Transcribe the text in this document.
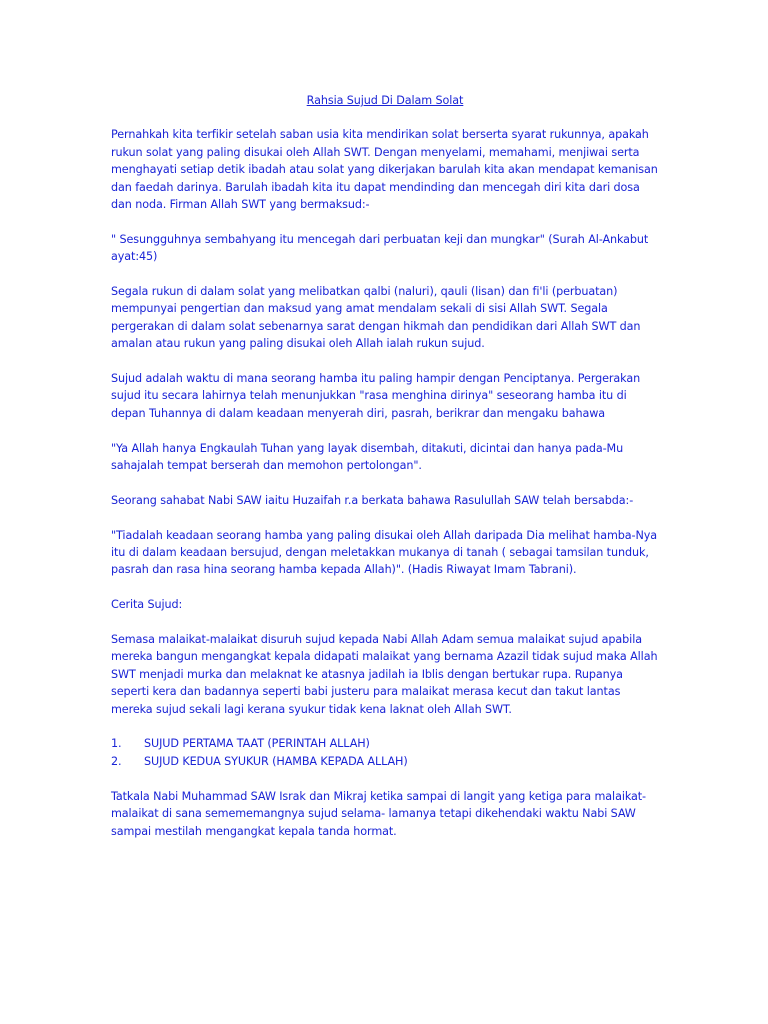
Rahsia Sujud Di Dalam Solat

Pernahkah kita terfikir setelah saban usia kita mendirikan solat berserta syarat rukunnya, apakah rukun solat yang paling disukai oleh Allah SWT. Dengan menyelami, memahami, menjiwai serta menghayati setiap detik ibadah atau solat yang dikerjakan barulah kita akan mendapat kemanisan dan faedah darinya. Barulah ibadah kita itu dapat mendinding dan mencegah diri kita dari dosa dan noda. Firman Allah SWT yang bermaksud:-

" Sesungguhnya sembahyang itu mencegah dari perbuatan keji dan mungkar" (Surah Al-Ankabut ayat:45)

Segala rukun di dalam solat yang melibatkan qalbi (naluri), qauli (lisan) dan fi'li (perbuatan) mempunyai pengertian dan maksud yang amat mendalam sekali di sisi Allah SWT. Segala pergerakan di dalam solat sebenarnya sarat dengan hikmah dan pendidikan dari Allah SWT dan amalan atau rukun yang paling disukai oleh Allah ialah rukun sujud.

Sujud adalah waktu di mana seorang hamba itu paling hampir dengan Penciptanya. Pergerakan sujud itu secara lahirnya telah menunjukkan "rasa menghina dirinya" seseorang hamba itu di depan Tuhannya di dalam keadaan menyerah diri, pasrah, berikrar dan mengaku bahawa

"Ya Allah hanya Engkaulah Tuhan yang layak disembah, ditakuti, dicintai dan hanya pada-Mu sahajalah tempat berserah dan memohon pertolongan".

Seorang sahabat Nabi SAW iaitu Huzaifah r.a berkata bahawa Rasulullah SAW telah bersabda:-

"Tiadalah keadaan seorang hamba yang paling disukai oleh Allah daripada Dia melihat hamba-Nya itu di dalam keadaan bersujud, dengan meletakkan mukanya di tanah ( sebagai tamsilan tunduk, pasrah dan rasa hina seorang hamba kepada Allah)". (Hadis Riwayat Imam Tabrani).

Cerita Sujud:

Semasa malaikat-malaikat disuruh sujud kepada Nabi Allah Adam semua malaikat sujud apabila mereka bangun mengangkat kepala didapati malaikat yang bernama Azazil tidak sujud maka Allah SWT menjadi murka dan melaknat ke atasnya jadilah ia Iblis dengan bertukar rupa. Rupanya seperti kera dan badannya seperti babi justeru para malaikat merasa kecut dan takut lantas mereka sujud sekali lagi kerana syukur tidak kena laknat oleh Allah SWT.

1.	SUJUD PERTAMA TAAT (PERINTAH ALLAH)
2.	SUJUD KEDUA SYUKUR (HAMBA KEPADA ALLAH)

Tatkala Nabi Muhammad SAW Israk dan Mikraj ketika sampai di langit yang ketiga para malaikat-malaikat di sana semememangnya sujud selama- lamanya tetapi dikehendaki waktu Nabi SAW sampai mestilah mengangkat kepala tanda hormat.
